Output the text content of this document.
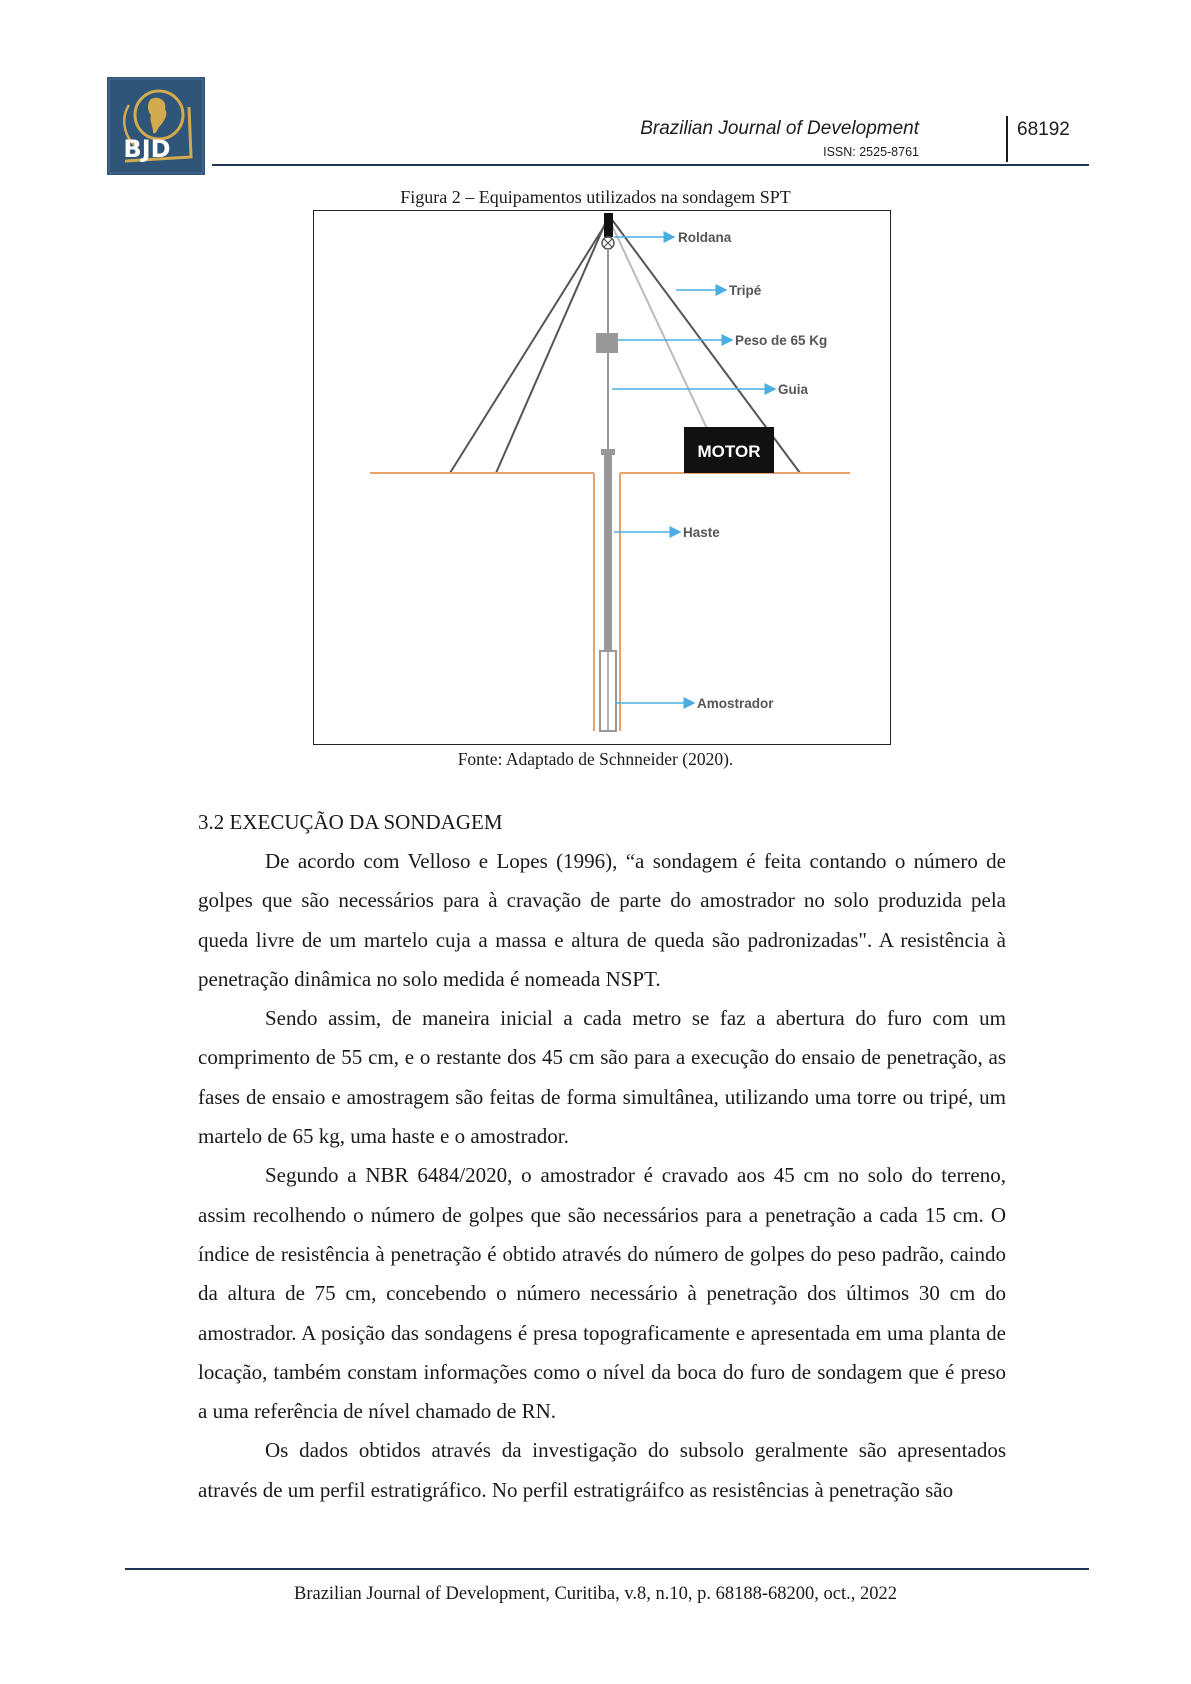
BJD
Brazilian Journal of Development
ISSN: 2525-8761
68192
Figura 2 – Equipamentos utilizados na sondagem SPT
MOTOR
Roldana
Tripé
Peso de 65 Kg
Guia
Haste
Amostrador
Fonte: Adaptado de Schnneider (2020).
3.2 EXECUÇÃO DA SONDAGEM

De acordo com Velloso e Lopes (1996), “a sondagem é feita contando o número de golpes que são necessários para à cravação de parte do amostrador no solo produzida pela queda livre de um martelo cuja a massa e altura de queda são padronizadas". A resistência à penetração dinâmica no solo medida é nomeada NSPT.

Sendo assim, de maneira inicial a cada metro se faz a abertura do furo com um comprimento de 55 cm, e o restante dos 45 cm são para a execução do ensaio de penetração, as fases de ensaio e amostragem são feitas de forma simultânea, utilizando uma torre ou tripé, um martelo de 65 kg, uma haste e o amostrador.

Segundo a NBR 6484/2020, o amostrador é cravado aos 45 cm no solo do terreno, assim recolhendo o número de golpes que são necessários para a penetração a cada 15 cm. O índice de resistência à penetração é obtido através do número de golpes do peso padrão, caindo da altura de 75 cm, concebendo o número necessário à penetração dos últimos 30 cm do amostrador. A posição das sondagens é presa topograficamente e apresentada em uma planta de locação, também constam informações como o nível da boca do furo de sondagem que é preso a uma referência de nível chamado de RN.

Os dados obtidos através da investigação do subsolo geralmente são apresentados através de um perfil estratigráfico. No perfil estratigráifco as resistências à penetração são

Brazilian Journal of Development, Curitiba, v.8, n.10, p. 68188-68200, oct., 2022
